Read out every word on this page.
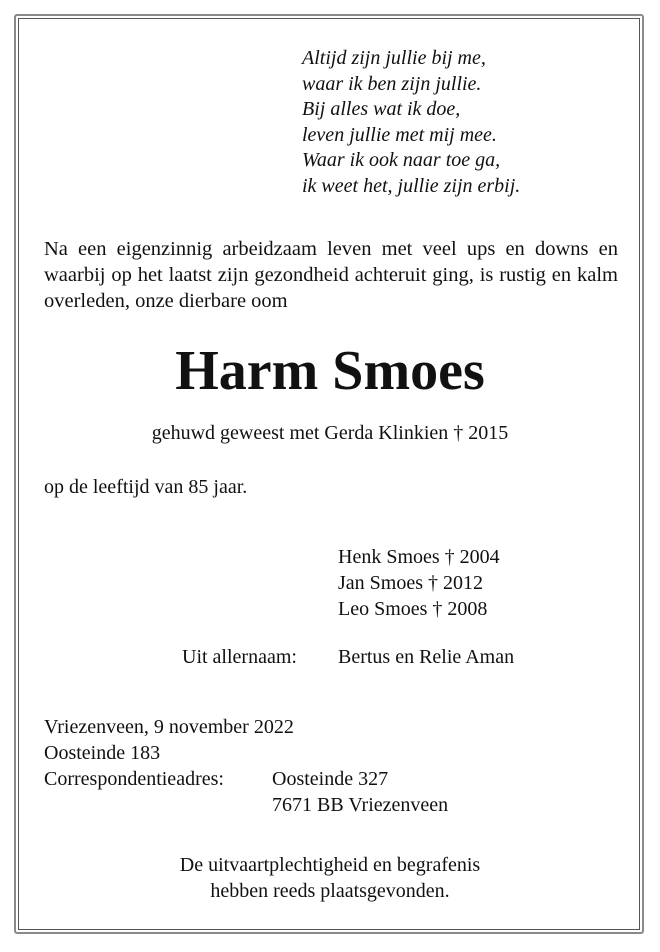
Altijd zijn jullie bij me,
waar ik ben zijn jullie.
Bij alles wat ik doe,
leven jullie met mij mee.
Waar ik ook naar toe ga,
ik weet het, jullie zijn erbij.

Na een eigenzinnig arbeidzaam leven met veel ups en downs en waarbij op het laatst zijn gezondheid achteruit ging, is rustig en kalm overleden, onze dierbare oom

Harm Smoes

gehuwd geweest met Gerda Klinkien † 2015

op de leeftijd van 85 jaar.

Henk Smoes † 2004
Jan Smoes † 2012
Leo Smoes † 2008
Uit allernaam: Bertus en Relie Aman
Vriezenveen, 9 november 2022
Oosteinde 183
Correspondentieadres: Oosteinde 327
7671 BB Vriezenveen

De uitvaartplechtigheid en begrafenis
hebben reeds plaatsgevonden.
